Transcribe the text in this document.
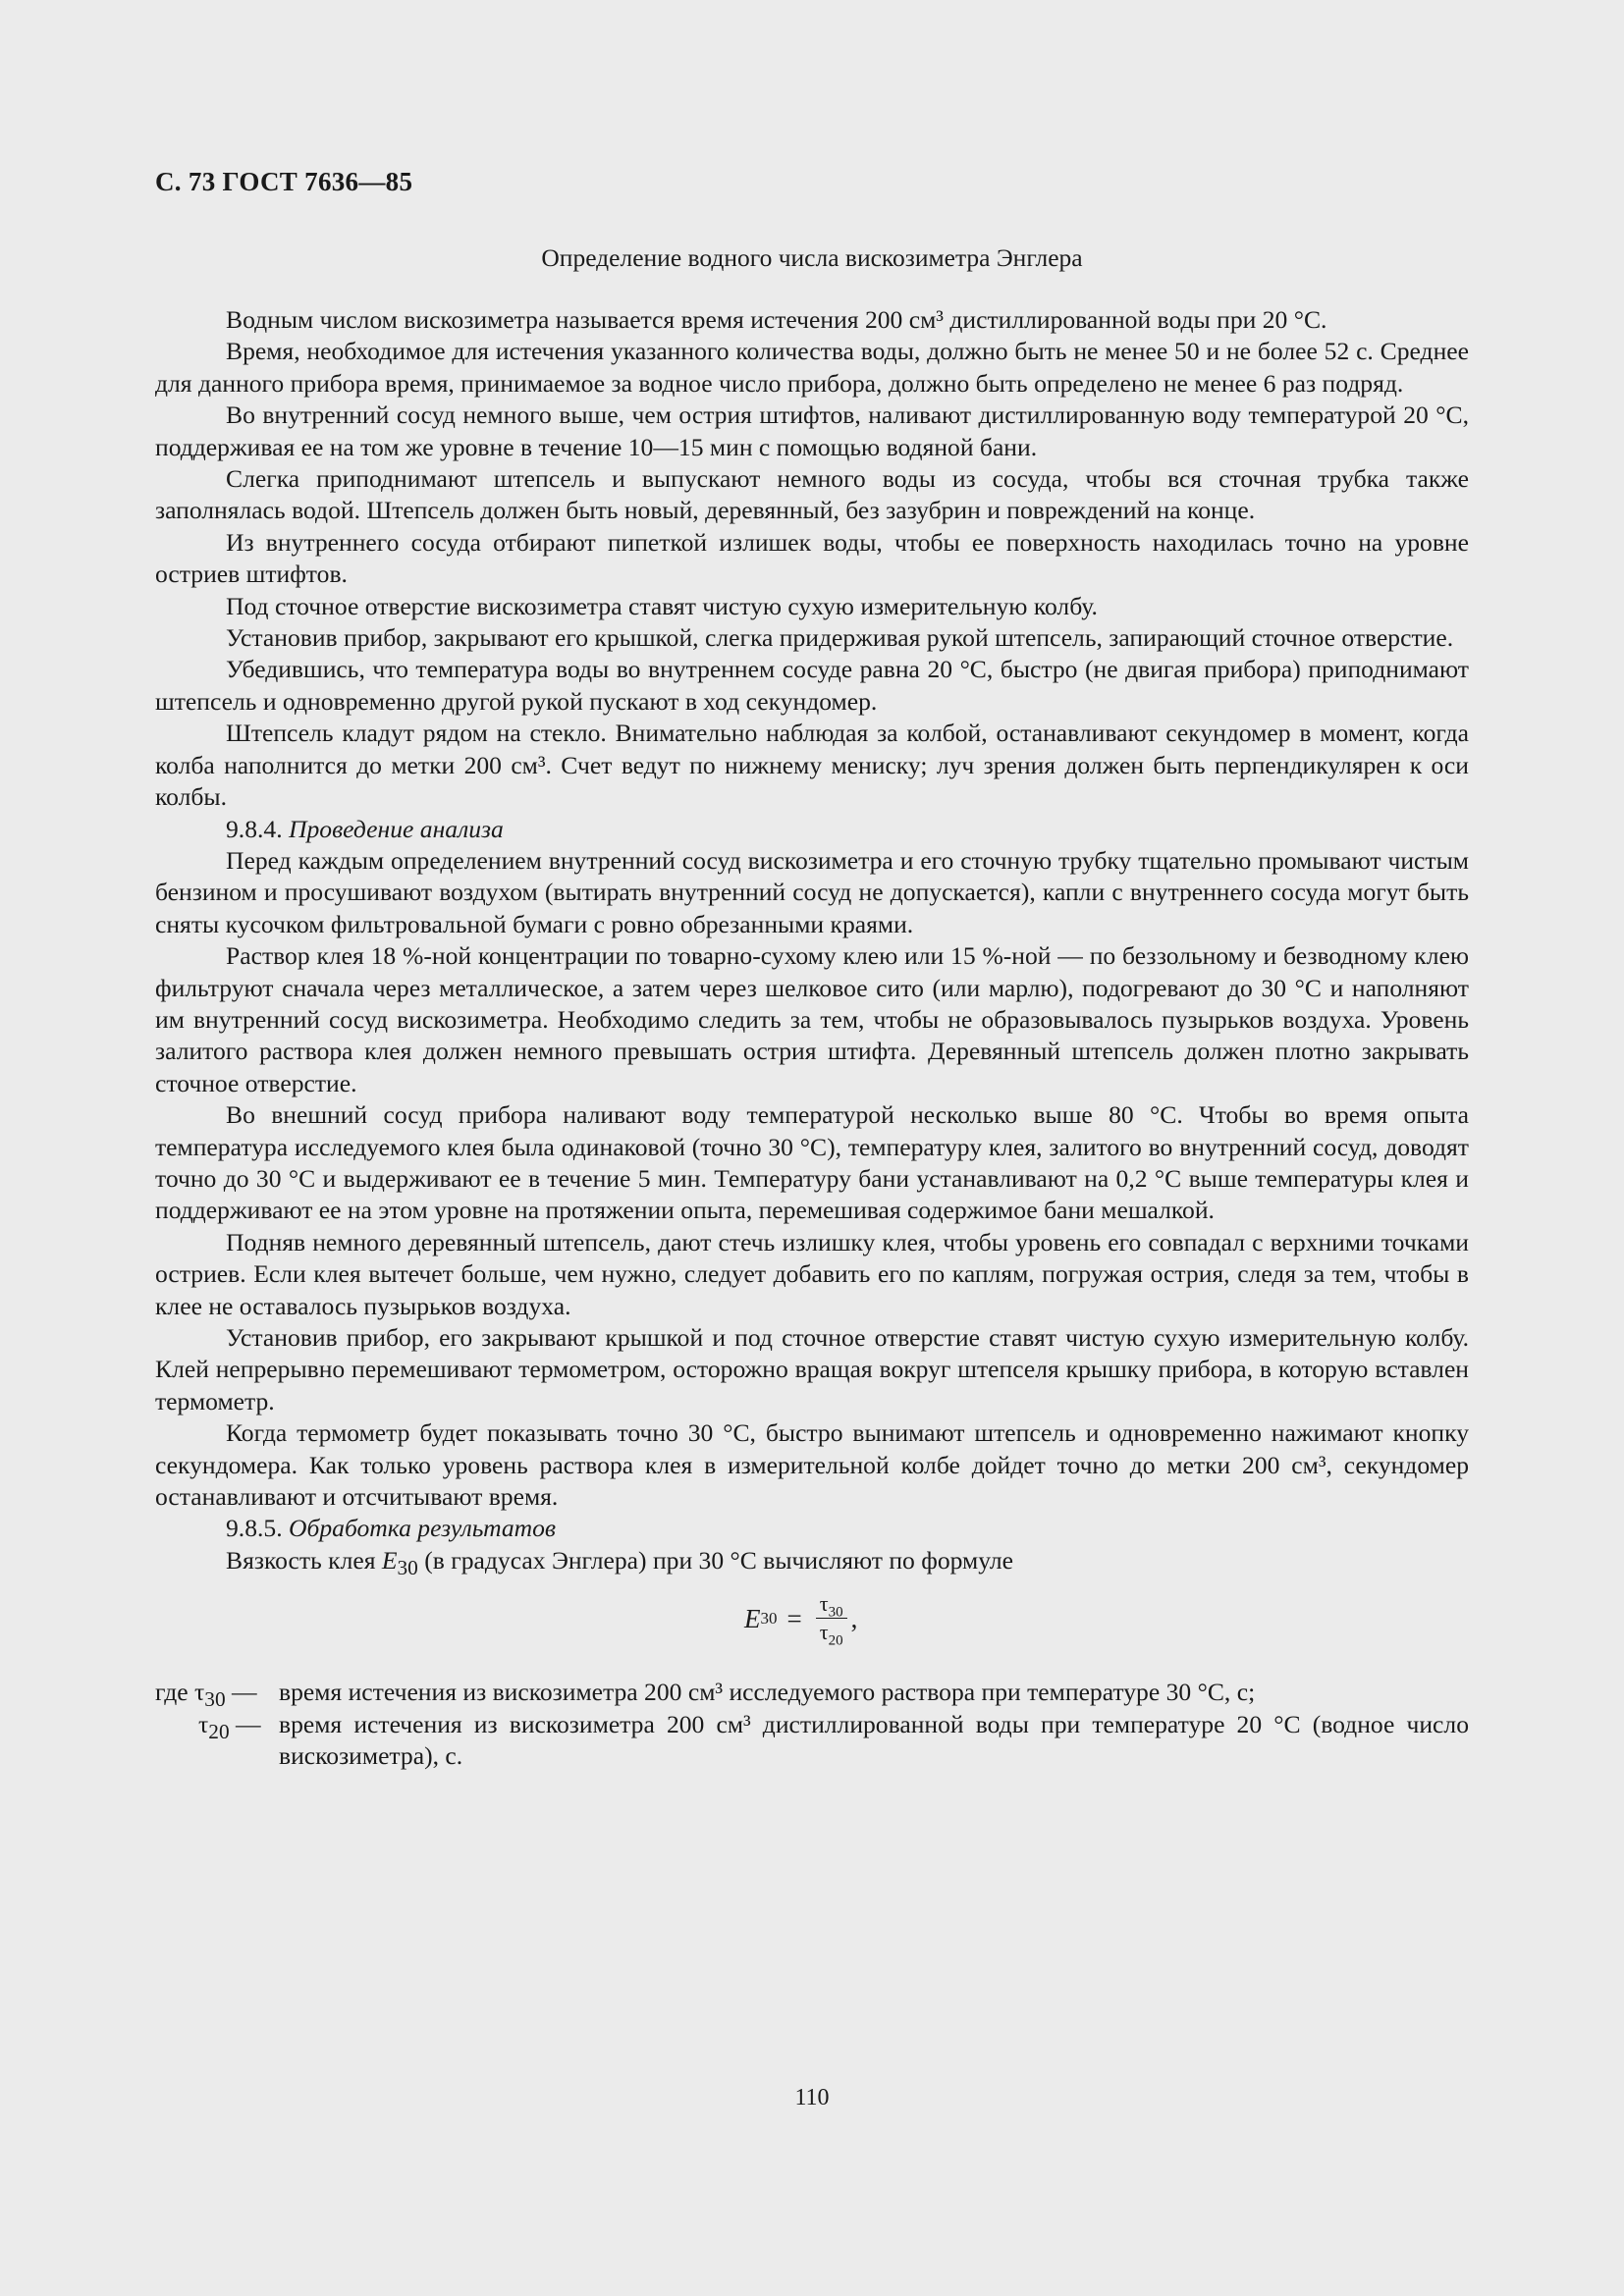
С. 73 ГОСТ 7636—85
Определение водного числа вискозиметра Энглера

Водным числом вискозиметра называется время истечения 200 см³ дистиллированной воды при 20 °С.

Время, необходимое для истечения указанного количества воды, должно быть не менее 50 и не более 52 с. Среднее для данного прибора время, принимаемое за водное число прибора, должно быть определено не менее 6 раз подряд.

Во внутренний сосуд немного выше, чем острия штифтов, наливают дистиллированную воду температурой 20 °С, поддерживая ее на том же уровне в течение 10—15 мин с помощью водяной бани.

Слегка приподнимают штепсель и выпускают немного воды из сосуда, чтобы вся сточная трубка также заполнялась водой. Штепсель должен быть новый, деревянный, без зазубрин и повреждений на конце.

Из внутреннего сосуда отбирают пипеткой излишек воды, чтобы ее поверхность находилась точно на уровне остриев штифтов.

Под сточное отверстие вискозиметра ставят чистую сухую измерительную колбу.

Установив прибор, закрывают его крышкой, слегка придерживая рукой штепсель, запирающий сточное отверстие.

Убедившись, что температура воды во внутреннем сосуде равна 20 °С, быстро (не двигая прибора) приподнимают штепсель и одновременно другой рукой пускают в ход секундомер.

Штепсель кладут рядом на стекло. Внимательно наблюдая за колбой, останавливают секундомер в момент, когда колба наполнится до метки 200 см³. Счет ведут по нижнему мениску; луч зрения должен быть перпендикулярен к оси колбы.

9.8.4. Проведение анализа

Перед каждым определением внутренний сосуд вискозиметра и его сточную трубку тщательно промывают чистым бензином и просушивают воздухом (вытирать внутренний сосуд не допускается), капли с внутреннего сосуда могут быть сняты кусочком фильтровальной бумаги с ровно обрезанными краями.

Раствор клея 18 %-ной концентрации по товарно-сухому клею или 15 %-ной — по беззольному и безводному клею фильтруют сначала через металлическое, а затем через шелковое сито (или марлю), подогревают до 30 °С и наполняют им внутренний сосуд вискозиметра. Необходимо следить за тем, чтобы не образовывалось пузырьков воздуха. Уровень залитого раствора клея должен немного превышать острия штифта. Деревянный штепсель должен плотно закрывать сточное отверстие.

Во внешний сосуд прибора наливают воду температурой несколько выше 80 °С. Чтобы во время опыта температура исследуемого клея была одинаковой (точно 30 °С), температуру клея, залитого во внутренний сосуд, доводят точно до 30 °С и выдерживают ее в течение 5 мин. Температуру бани устанавливают на 0,2 °С выше температуры клея и поддерживают ее на этом уровне на протяжении опыта, перемешивая содержимое бани мешалкой.

Подняв немного деревянный штепсель, дают стечь излишку клея, чтобы уровень его совпадал с верхними точками остриев. Если клея вытечет больше, чем нужно, следует добавить его по каплям, погружая острия, следя за тем, чтобы в клее не оставалось пузырьков воздуха.

Установив прибор, его закрывают крышкой и под сточное отверстие ставят чистую сухую измерительную колбу. Клей непрерывно перемешивают термометром, осторожно вращая вокруг штепселя крышку прибора, в которую вставлен термометр.

Когда термометр будет показывать точно 30 °С, быстро вынимают штепсель и одновременно нажимают кнопку секундомера. Как только уровень раствора клея в измерительной колбе дойдет точно до метки 200 см³, секундомер останавливают и отсчитывают время.

9.8.5. Обработка результатов

Вязкость клея $E_{30}$ (в градусах Энглера) при 30 °С вычисляют по формуле

E $30 = \frac{\tau_{30}}{\tau_{20}}$ ,
где $\tau_{30}$ — время истечения из вискозиметра 200 см³ исследуемого раствора при температуре 30 °С, с;
$\tau_{20}$ — время истечения из вискозиметра 200 см³ дистиллированной воды при температуре 20 °С (водное число вискозиметра), с.
110
